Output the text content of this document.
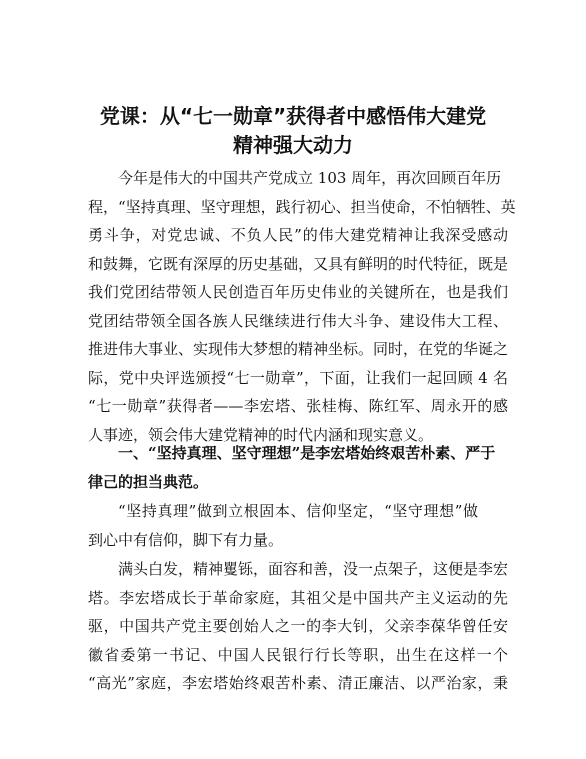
党课：从“七一勋章”获得者中感悟伟大建党
精神强大动力
今年是伟大的中国共产党成立 103 周年，再次回顾百年历
程，“坚持真理、坚守理想，践行初心、担当使命，不怕牺牲、英
勇斗争，对党忠诚、不负人民”的伟大建党精神让我深受感动
和鼓舞，它既有深厚的历史基础，又具有鲜明的时代特征，既是
我们党团结带领人民创造百年历史伟业的关键所在，也是我们
党团结带领全国各族人民继续进行伟大斗争、建设伟大工程、
推进伟大事业、实现伟大梦想的精神坐标。同时，在党的华诞之
际，党中央评选颁授“七一勋章”，下面，让我们一起回顾 4 名
“七一勋章”获得者——李宏塔、张桂梅、陈红军、周永开的感
人事迹，领会伟大建党精神的时代内涵和现实意义。
一、“坚持真理、坚守理想”是李宏塔始终艰苦朴素、严于
律己的担当典范。
“坚持真理”做到立根固本、信仰坚定，“坚守理想”做
到心中有信仰，脚下有力量。
满头白发，精神矍铄，面容和善，没一点架子，这便是李宏
塔。李宏塔成长于革命家庭，其祖父是中国共产主义运动的先
驱，中国共产党主要创始人之一的李大钊，父亲李葆华曾任安
徽省委第一书记、中国人民银行行长等职，出生在这样一个
“高光”家庭，李宏塔始终艰苦朴素、清正廉洁、以严治家，秉
